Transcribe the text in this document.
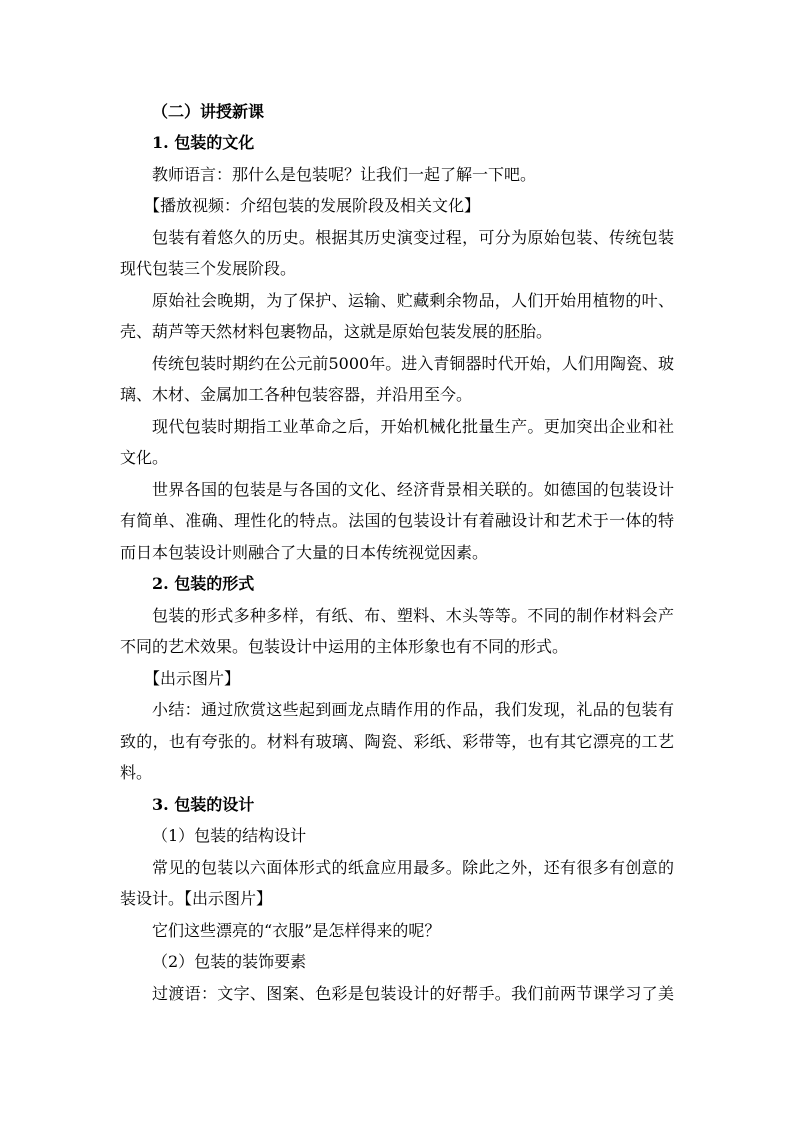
（二）讲授新课
1. 包装的文化
教师语言：那什么是包装呢？让我们一起了解一下吧。
【播放视频：介绍包装的发展阶段及相关文化】
包装有着悠久的历史。根据其历史演变过程，可分为原始包装、传统包装
现代包装三个发展阶段。
原始社会晚期，为了保护、运输、贮藏剩余物品，人们开始用植物的叶、
壳、葫芦等天然材料包裹物品，这就是原始包装发展的胚胎。
传统包装时期约在公元前5000年。进入青铜器时代开始，人们用陶瓷、玻
璃、木材、金属加工各种包装容器，并沿用至今。
现代包装时期指工业革命之后，开始机械化批量生产。更加突出企业和社
文化。
世界各国的包装是与各国的文化、经济背景相关联的。如德国的包装设计
有简单、准确、理性化的特点。法国的包装设计有着融设计和艺术于一体的特
而日本包装设计则融合了大量的日本传统视觉因素。
2. 包装的形式
包装的形式多种多样，有纸、布、塑料、木头等等。不同的制作材料会产
不同的艺术效果。包装设计中运用的主体形象也有不同的形式。
【出示图片】
小结：通过欣赏这些起到画龙点睛作用的作品，我们发现，礼品的包装有
致的，也有夸张的。材料有玻璃、陶瓷、彩纸、彩带等，也有其它漂亮的工艺
料。
3. 包装的设计
（1）包装的结构设计
常见的包装以六面体形式的纸盒应用最多。除此之外，还有很多有创意的
装设计。【出示图片】
它们这些漂亮的“衣服”是怎样得来的呢？
（2）包装的装饰要素
过渡语：文字、图案、色彩是包装设计的好帮手。我们前两节课学习了美
